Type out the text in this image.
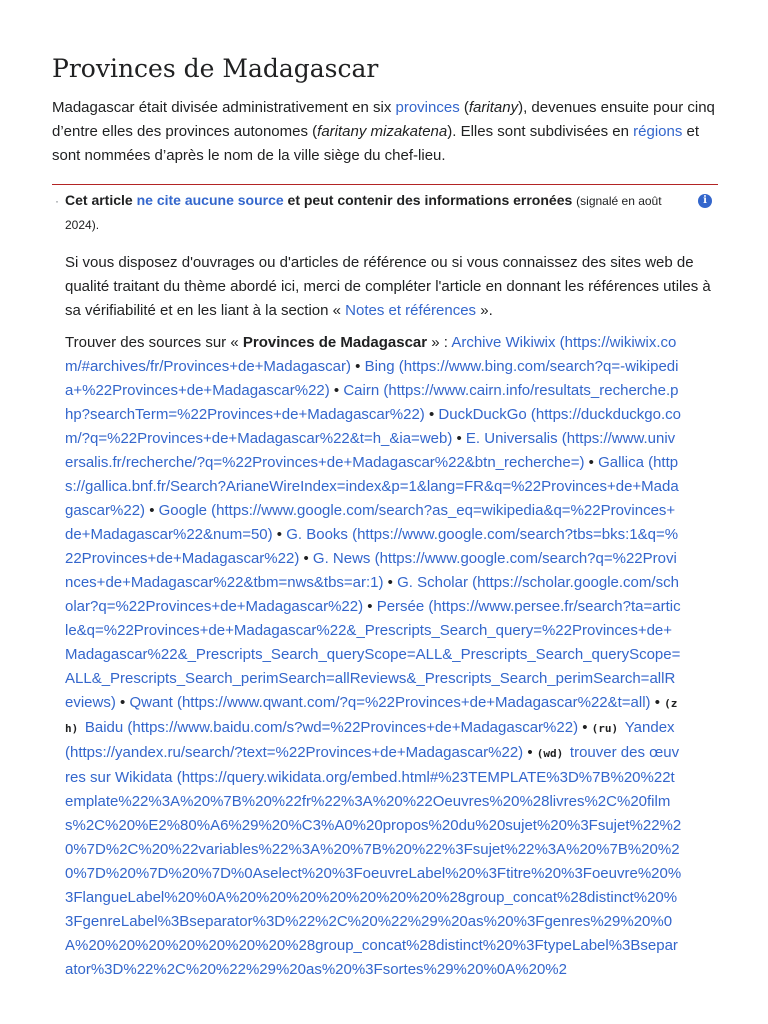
Provinces de Madagascar

Madagascar était divisée administrativement en six provinces (faritany), devenues ensuite pour cinq d’entre elles des provinces autonomes (faritany mizakatena). Elles sont subdivisées en régions et sont nommées d’après le nom de la ville siège du chef-lieu.

· Cet article ne cite aucune source et peut contenir des informations erronées (signalé en août 2024).
i
Si vous disposez d'ouvrages ou d'articles de référence ou si vous connaissez des sites web de qualité traitant du thème abordé ici, merci de compléter l'article en donnant les références utiles à sa vérifiabilité et en les liant à la section « Notes et références ».
Trouver des sources sur « Provinces de Madagascar » : Archive Wikiwix (https://wikiwix.com/#archives/fr/Provinces+de+Madagascar) • Bing (https://www.bing.com/search?q=-wikipedia+%22Provinces+de+Madagascar%22) • Cairn (https://www.cairn.info/resultats_recherche.php?searchTerm=%22Provinces+de+Madagascar%22) • DuckDuckGo (https://duckduckgo.com/?q=%22Provinces+de+Madagascar%22&t=h_&ia=web) • E. Universalis (https://www.universalis.fr/recherche/?q=%22Provinces+de+Madagascar%22&btn_recherche=) • Gallica (https://gallica.bnf.fr/Search?ArianeWireIndex=index&p=1&lang=FR&q=%22Provinces+de+Madagascar%22) • Google (https://www.google.com/search?as_eq=wikipedia&q=%22Provinces+de+Madagascar%22&num=50) • G. Books (https://www.google.com/search?tbs=bks:1&q=%22Provinces+de+Madagascar%22) • G. News (https://www.google.com/search?q=%22Provinces+de+Madagascar%22&tbm=nws&tbs=ar:1) • G. Scholar (https://scholar.google.com/scholar?q=%22Provinces+de+Madagascar%22) • Persée (https://www.persee.fr/search?ta=article&q=%22Provinces+de+Madagascar%22&_Prescripts_Search_query=%22Provinces+de+Madagascar%22&_Prescripts_Search_queryScope=ALL&_Prescripts_Search_queryScope=ALL&_Prescripts_Search_perimSearch=allReviews&_Prescripts_Search_perimSearch=allReviews) • Qwant (https://www.qwant.com/?q=%22Provinces+de+Madagascar%22&t=all) • (zh) Baidu (https://www.baidu.com/s?wd=%22Provinces+de+Madagascar%22) • (ru) Yandex (https://yandex.ru/search/?text=%22Provinces+de+Madagascar%22) • (wd) trouver des œuvres sur Wikidata (https://query.wikidata.org/embed.html#%23TEMPLATE%3D%7B%20%22template%22%3A%20%7B%20%22fr%22%3A%20%22Oeuvres%20%28livres%2C%20films%2C%20%E2%80%A6%29%20%C3%A0%20propos%20du%20sujet%20%3Fsujet%22%20%7D%2C%20%22variables%22%3A%20%7B%20%22%3Fsujet%22%3A%20%7B%20%20%7D%20%7D%20%7D%0Aselect%20%3FoeuvreLabel%20%3Ftitre%20%3Foeuvre%20%3FlangueLabel%20%0A%20%20%20%20%20%20%20%28group_concat%28distinct%20%3FgenreLabel%3Bseparator%3D%22%2C%20%22%29%20as%20%3Fgenres%29%20%0A%20%20%20%20%20%20%20%28group_concat%28distinct%20%3FtypeLabel%3Bseparator%3D%22%2C%20%22%29%20as%20%3Fsortes%29%20%0A%20%2
